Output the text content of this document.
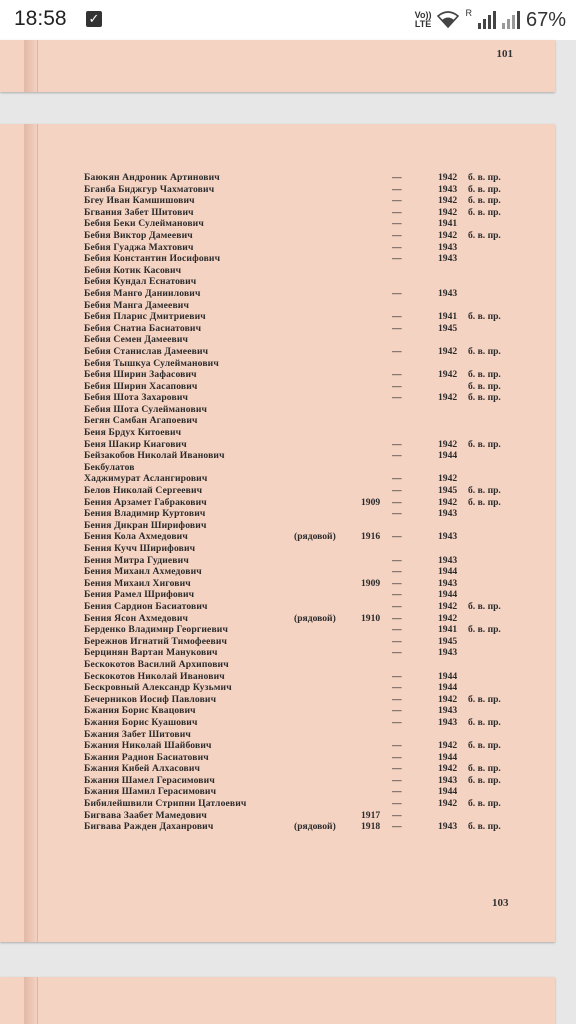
18:58 ✓	Vo))
LTE
R	67%
101
Баюкян Андроник Артинович	—	1942 б. в. пр.
Бганба Биджгур Чахматович	—	1943 б. в. пр.
Бгеу Иван Камшишович	—	1942 б. в. пр.
Бгвания Забет Шитович	—	1942 б. в. пр.
Бебия Беки Сулейманович	—	1941
Бебия Виктор Дамеевич	—	1942 б. в. пр.
Бебия Гуаджа Махтович	—	1943
Бебия Константин Иосифович	—	1943
Бебия Котик Касович
Бебия Кундал Еснатович
Бебия Манго Даниилович	—	1943
Бебия Манга Дамеевич
Бебия Пларис Дмитриевич	—	1941 б. в. пр.
Бебия Снатиа Басиатович	—	1945
Бебия Семен Дамеевич
Бебия Станислав Дамеевич	—	1942 б. в. пр.
Бебия Тышкуа Сулейманович
Бебия Ширин Зафасович	—	1942 б. в. пр.
Бебия Ширин Хасапович	—	б. в. пр.
Бебия Шота Захарович	—	1942 б. в. пр.
Бебия Шота Сулейманович
Бегян Самбан Агапоевич
Беия Брдух Китоевич
Беия Шакир Киагович	—	1942 б. в. пр.
Бейзакобов Николай Иванович	—	1944
Бекбулатов
Хаджимурат Аслангирович	—	1942
Белов Николай Сергеевич	—	1945 б. в. пр.
Бения Арзамет Габракович	1909 —	1942 б. в. пр.
Бения Владимир Куртович	—	1943
Бения Дикран Ширифович
Бения Кола Ахмедович	(рядовой)	1916 —	1943
Бения Кучч Ширифович
Бения Митра Гудиевич	—	1943
Бения Михаил Ахмедович	—	1944
Бения Михаил Хигович	1909 —	1943
Бения Рамел Шрифович	—	1944
Бения Сардион Басиатович	—	1942 б. в. пр.
Бения Ясон Ахмедович	(рядовой)	1910 —	1942
Берденко Владимир Георгиевич	—	1941 б. в. пр.
Бережнов Игнатий Тимофеевич	—	1945
Берцинян Вартан Манукович	—	1943
Бескокотов Василий Архипович
Бескокотов Николай Иванович	—	1944
Бескровный Александр Кузьмич	—	1944
Бечерников Иосиф Павлович	—	1942 б. в. пр.
Бжания Борис Квацович	—	1943
Бжания Борис Куашович	—	1943 б. в. пр.
Бжания Забет Шитович
Бжания Николай Шайбович	—	1942 б. в. пр.
Бжания Радион Басиатович	—	1944
Бжания Кибей Алхасович	—	1942 б. в. пр.
Бжания Шамел Герасимович	—	1943 б. в. пр.
Бжания Шамил Герасимович	—	1944
Бибилейшвили Стрипни Цатлоевич	—	1942 б. в. пр.
Бигвава Заабет Мамедович	1917 —
Бигвава Ражден Даханрович	(рядовой)	1918 —	1943 б. в. пр.
103
